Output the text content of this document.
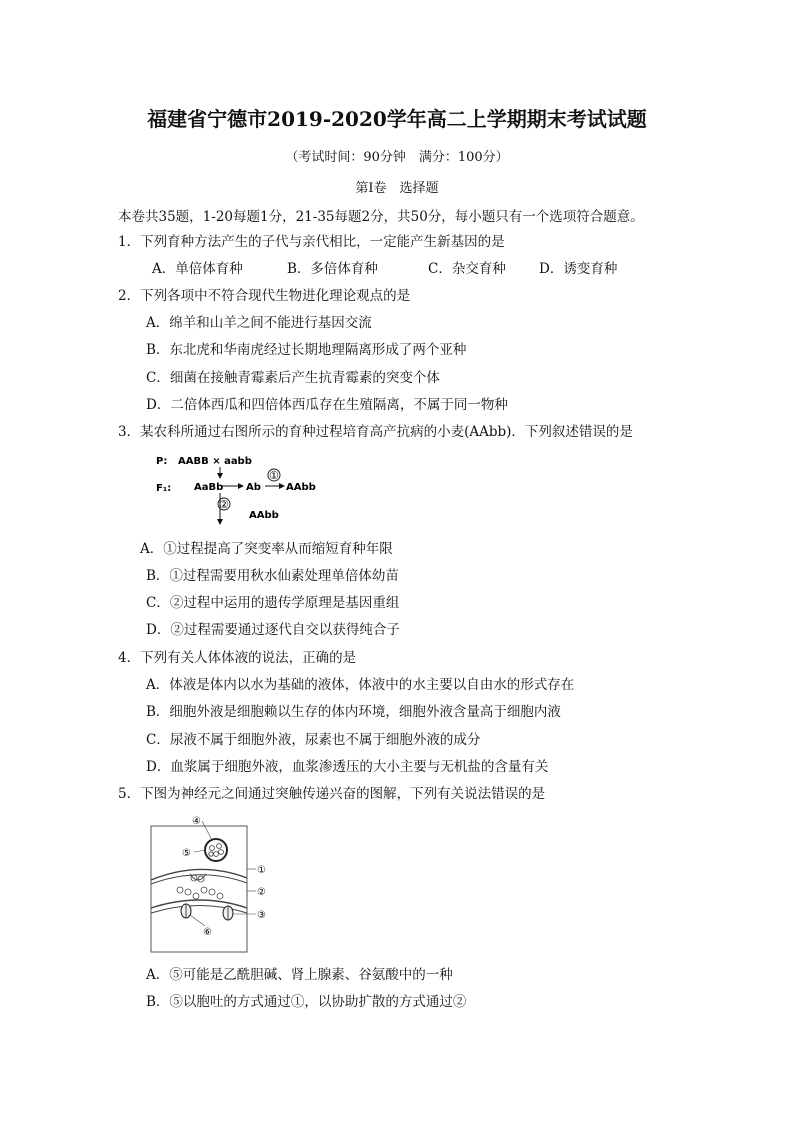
福建省宁德市2019-2020学年高二上学期期末考试试题
（考试时间：90分钟　满分：100分）
第Ⅰ卷　选择题
本卷共35题，1-20每题1分，21-35每题2分，共50分，每小题只有一个选项符合题意。
1．下列育种方法产生的子代与亲代相比，一定能产生新基因的是
A．单倍体育种	B．多倍体育种	C．杂交育种 D．诱变育种
2．下列各项中不符合现代生物进化理论观点的是
A．绵羊和山羊之间不能进行基因交流
B．东北虎和华南虎经过长期地理隔离形成了两个亚种
C．细菌在接触青霉素后产生抗青霉素的突变个体
D．二倍体西瓜和四倍体西瓜存在生殖隔离，不属于同一物种
3．某农科所通过右图所示的育种过程培育高产抗病的小麦(AAbb)．下列叙述错误的是
P: AABB × aabb
F₁: AaBb Ab
①
AAbb
②
AAbb
A．①过程提高了突变率从而缩短育种年限
B．①过程需要用秋水仙素处理单倍体幼苗
C．②过程中运用的遗传学原理是基因重组
D．②过程需要通过逐代自交以获得纯合子
4．下列有关人体体液的说法，正确的是
A．体液是体内以水为基础的液体，体液中的水主要以自由水的形式存在
B．细胞外液是细胞赖以生存的体内环境，细胞外液含量高于细胞内液
C．尿液不属于细胞外液，尿素也不属于细胞外液的成分
D．血浆属于细胞外液，血浆渗透压的大小主要与无机盐的含量有关
5．下图为神经元之间通过突触传递兴奋的图解，下列有关说法错误的是
④
⑤
①
②
③
⑥
A．⑤可能是乙酰胆碱、肾上腺素、谷氨酸中的一种
B．⑤以胞吐的方式通过①，以协助扩散的方式通过②
